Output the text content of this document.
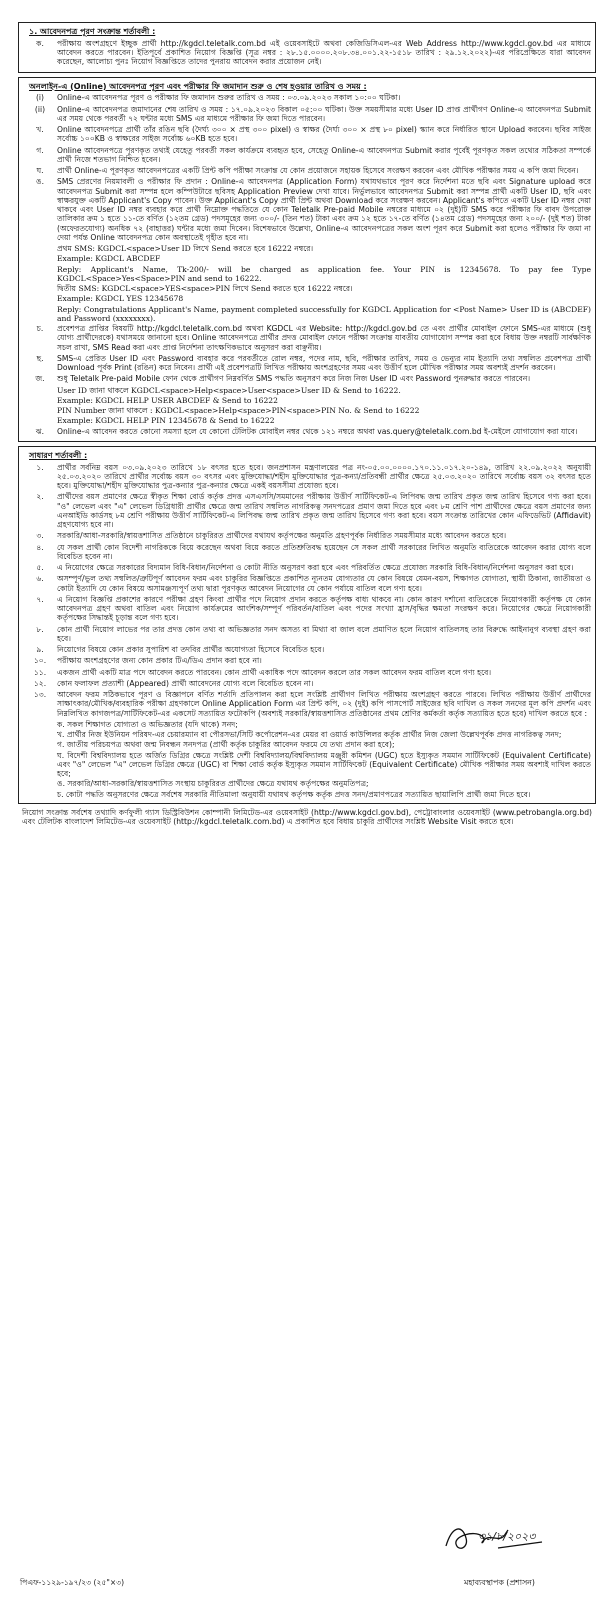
১. আবেদনপত্র পূরণ সংক্রান্ত শর্তাবলী :
ক.	পরীক্ষায় অংশগ্রহণে ইচ্ছুক প্রার্থী http://kgdcl.teletalk.com.bd এই ওয়েবসাইটে অথবা কেজিডিসিএল-এর Web Address http://www.kgdcl.gov.bd এর মাধ্যমে আবেদন করতে পারবেন। ইতিপূর্বে প্রকাশিত নিয়োগ বিজ্ঞপ্তি (সূত্র নম্বর : ২৮.১৫.০০০০.২০৮.৩৪.০০১.২২-১৫১৮ তারিখ : ২৯.১২.২০২২)-এর পরিপ্রেক্ষিতে যারা আবেদন করেছেন, আলোচ্য পুনঃ নিয়োগ বিজ্ঞপ্তিতে তাদের পুনরায় আবেদন করার প্রয়োজন নেই।
অনলাইন-এ (Online) আবেদনপত্র পূরণ এবং পরীক্ষার ফি জমাদান শুরু ও শেষ হওয়ার তারিখ ও সময় :
(i)	Online-এ আবেদনপত্র পূরণ ও পরীক্ষার ফি জমাদান শুরুর তারিখ ও সময় : ০৩.০৯.২০২৩ সকাল ১০:০০ ঘটিকা।
(ii)	Online-এ আবেদনপত্র জমাদানের শেষ তারিখ ও সময় : ১৭.০৯.২০২৩ বিকাল ০৫:০০ ঘটিকা। উক্ত সময়সীমার মধ্যে User ID প্রাপ্ত প্রার্থীগণ Online-এ আবেদনপত্র Submit এর সময় থেকে পরবর্তী ৭২ ঘন্টার মধ্যে SMS এর মাধ্যমে পরীক্ষার ফি জমা দিতে পারবেন।
খ.	Online আবেদনপত্রে প্রার্থী তাঁর রঙিন ছবি (দৈর্ঘ্য ৩০০ × প্রস্থ ৩০০ pixel) ও স্বাক্ষর (দৈর্ঘ্য ৩০০ × প্রস্থ ৮০ pixel) স্ক্যান করে নির্ধারিত স্থানে Upload করবেন। ছবির সাইজ সর্বোচ্চ ১০০KB ও স্বাক্ষরের সাইজ সর্বোচ্চ ৬০KB হতে হবে।
গ.	Online আবেদনপত্রে পূরণকৃত তথ্যই যেহেতু পরবর্তী সকল কার্যক্রমে ব্যবহৃত হবে, সেহেতু Online-এ আবেদনপত্র Submit করার পূর্বেই পূরণকৃত সকল তথ্যের সঠিকতা সম্পর্কে প্রার্থী নিজে শতভাগ নিশ্চিত হবেন।
ঘ.	প্রার্থী Online-এ পূরণকৃত আবেদনপত্রের একটি প্রিন্ট কপি পরীক্ষা সংক্রান্ত যে কোন প্রয়োজনে সহায়ক হিসেবে সংরক্ষণ করবেন এবং মৌখিক পরীক্ষার সময় এ কপি জমা দিবেন।
ঙ.	SMS প্রেরণের নিয়মাবলী ও পরীক্ষার ফি প্রদান : Online-এ আবেদনপত্র (Application Form) যথাযথভাবে পূরণ করে নির্দেশনা মতে ছবি এবং Signature upload করে আবেদনপত্র Submit করা সম্পন্ন হলে কম্পিউটারে ছবিসহ Application Preview দেখা যাবে। নির্ভুলভাবে আবেদনপত্র Submit করা সম্পন্ন প্রার্থী একটি User ID, ছবি এবং স্বাক্ষরযুক্ত একটি Applicant's Copy পাবেন। উক্ত Applicant's Copy প্রার্থী প্রিন্ট অথবা Download করে সংরক্ষণ করবেন। Applicant's কপিতে একটি User ID নম্বর দেয়া থাকবে এবং User ID নম্বর ব্যবহার করে প্রার্থী নিম্নোক্ত পদ্ধতিতে যে কোন Teletalk Pre-paid Mobile নম্বরের মাধ্যমে ০২ (দুই)টি SMS করে পরীক্ষার ফি বাবদ উপরোক্ত তালিকার ক্রম ১ হতে ১১-তে বর্ণিত (১২তম গ্রেড) পদসমূহের জন্য ৩০০/- (তিন শত) টাকা এবং ক্রম ১২ হতে ১৭-তে বর্ণিত (১৪তম গ্রেড) পদসমূহের জন্য ২০০/- (দুই শত) টাকা (অফেরতযোগ্য) অনধিক ৭২ (বাহাত্তর) ঘন্টার মধ্যে জমা দিবেন। বিশেষভাবে উল্লেখ্য, Online-এ আবেদনপত্রের সকল অংশ পূরণ করে Submit করা হলেও পরীক্ষার ফি জমা না দেয়া পর্যন্ত Online আবেদনপত্র কোন অবস্থাতেই গৃহীত হবে না।
প্রথম SMS: KGDCL<space>User ID লিখে Send করতে হবে 16222 নম্বরে।
Example: KGDCL ABCDEF
Reply: Applicant's Name, Tk-200/- will be charged as application fee. Your PIN is 12345678. To pay fee Type KGDCL<Space>Yes<Space>PIN and send to 16222.
দ্বিতীয় SMS: KGDCL<space>YES<space>PIN লিখে Send করতে হবে 16222 নম্বরে।
Example: KGDCL YES 12345678
Reply: Congratulations Applicant's Name, payment completed successfully for KGDCL Application for <Post Name> User ID is (ABCDEF) and Password (xxxxxxxx).
চ.	প্রবেশপত্র প্রাপ্তির বিষয়টি http://kgdcl.teletalk.com.bd অথবা KGDCL এর Website: http://kgdcl.gov.bd তে এবং প্রার্থীর মোবাইল ফোনে SMS-এর মাধ্যমে (শুধু যোগ্য প্রার্থীদেরকে) যথাসময়ে জানানো হবে। Online আবেদনপত্রে প্রার্থীর প্রদত্ত মোবাইল ফোনে পরীক্ষা সংক্রান্ত যাবতীয় যোগাযোগ সম্পন্ন করা হবে বিধায় উক্ত নম্বরটি সার্বক্ষণিক সচল রাখা, SMS Read করা এবং প্রাপ্ত নির্দেশনা তাৎক্ষণিকভাবে অনুসরণ করা বাঞ্ছনীয়।
ছ.	SMS-এ প্রেরিত User ID এবং Password ব্যবহার করে পরবর্তীতে রোল নম্বর, পদের নাম, ছবি, পরীক্ষার তারিখ, সময় ও ভেন্যুর নাম ইত্যাদি তথ্য সম্বলিত প্রবেশপত্র প্রার্থী Download পূর্বক Print (রঙিন) করে নিবেন। প্রার্থী এই প্রবেশপত্রটি লিখিত পরীক্ষায় অংশগ্রহণের সময় এবং উত্তীর্ণ হলে মৌখিক পরীক্ষার সময় অবশ্যই প্রদর্শন করবেন।
জ.	শুধু Teletalk Pre-paid Mobile ফোন থেকে প্রার্থীগণ নিম্নবর্ণিত SMS পদ্ধতি অনুসরণ করে নিজ নিজ User ID এবং Password পুনরুদ্ধার করতে পারবেন।
User ID জানা থাকলে KGDCL<space>Help<space>User<space>User ID & Send to 16222.
Example: KGDCL HELP USER ABCDEF & Send to 16222
PIN Number জানা থাকলে : KGDCL<space>Help<space>PIN<space>PIN No. & Send to 16222
Example: KGDCL HELP PIN 12345678 & Send to 16222
ঝ.	Online-এ আবেদন করতে কোনো সমস্যা হলে যে কোনো টেলিটক মোবাইল নম্বর থেকে ১২১ নম্বরে অথবা vas.query@teletalk.com.bd ই-মেইলে যোগাযোগ করা যাবে।
সাধারণ শর্তাবলী :
১.	প্রার্থীর সর্বনিম্ন বয়স ০৩.০৯.২০২৩ তারিখে ১৮ বৎসর হতে হবে। জনপ্রশাসন মন্ত্রণালয়ের পত্র নং-০৫.০০.০০০০.১৭০.১১.০১৭.২০-১৪৯, তারিখ ২২.০৯.২০২২ অনুযায়ী ২৫.০৩.২০২০ তারিখে প্রার্থীর সর্বোচ্চ বয়স ৩০ বৎসর এবং মুক্তিযোদ্ধা/শহীদ মুক্তিযোদ্ধার পুত্র-কন্যা/প্রতিবন্ধী প্রার্থীর ক্ষেত্রে ২৫.০৩.২০২০ তারিখে সর্বোচ্চ বয়স ৩২ বৎসর হতে হবে। মুক্তিযোদ্ধা/শহীদ মুক্তিযোদ্ধার পুত্র-কন্যার পুত্র-কন্যার ক্ষেত্রে একই বয়সসীমা প্রযোজ্য হবে।
২.	প্রার্থীদের বয়স প্রমাণের ক্ষেত্রে স্বীকৃত শিক্ষা বোর্ড কর্তৃক প্রদত্ত এসএসসি/সমমানের পরীক্ষায় উত্তীর্ণ সার্টিফিকেট-এ লিপিবদ্ধ জন্ম তারিখ প্রকৃত জন্ম তারিখ হিসেবে গণ্য করা হবে। "ও" লেভেল এবং "এ" লেভেল ডিগ্রিধারী প্রার্থীর ক্ষেত্রে জন্ম তারিখ সম্বলিত নাগরিকত্ব সনদপত্রের প্রমাণ জমা দিতে হবে এবং ৮ম শ্রেণি পাশ প্রার্থীদের ক্ষেত্রে বয়স প্রমাণের জন্য এনআইডি কার্ডসহ ৮ম শ্রেণি পরীক্ষায় উত্তীর্ণ সার্টিফিকেট-এ লিপিবদ্ধ জন্ম তারিখ প্রকৃত জন্ম তারিখ হিসেবে গণ্য করা হবে। বয়স সংক্রান্ত তারিখের কোন এফিডেভিট (Affidavit) গ্রহণযোগ্য হবে না।
৩.	সরকারি/আধা-সরকারি/স্বায়ত্তশাসিত প্রতিষ্ঠানে চাকুরিরত প্রার্থীদের যথাযথ কর্তৃপক্ষের অনুমতি গ্রহণপূর্বক নির্ধারিত সময়সীমার মধ্যে আবেদন করতে হবে।
৪.	যে সকল প্রার্থী কোন বিদেশী নাগরিককে বিয়ে করেছেন অথবা বিয়ে করতে প্রতিশ্রুতিবদ্ধ হয়েছেন সে সকল প্রার্থী সরকারের লিখিত অনুমতি ব্যতিরেকে আবেদন করার যোগ্য বলে বিবেচিত হবেন না।
৫.	এ নিয়োগের ক্ষেত্রে সরকারের বিদ্যমান বিধি-বিধান/নির্দেশনা ও কোটা নীতি অনুসরণ করা হবে এবং পরিবর্তিত ক্ষেত্রে প্রযোজ্য সরকারি বিধি-বিধান/নির্দেশনা অনুসরণ করা হবে।
৬.	অসম্পূর্ণ/ভুল তথ্য সম্বলিত/ত্রুটিপূর্ণ আবেদন ফরম এবং চাকুরির বিজ্ঞপ্তিতে প্রকাশিত ন্যূনতম যোগ্যতার যে কোন বিষয়ে যেমন-বয়স, শিক্ষাগত যোগ্যতা, স্থায়ী ঠিকানা, জাতীয়তা ও কোটা ইত্যাদি যে কোন বিষয়ে অসামঞ্জস্যপূর্ণ তথ্য দ্বারা পূরণকৃত আবেদন নিয়োগের যে কোন পর্যায়ে বাতিল বলে গণ্য হবে।
৭.	এ নিয়োগ বিজ্ঞপ্তি প্রকাশের কারণে পরীক্ষা গ্রহণ কিংবা প্রার্থীর পদে নিয়োগ প্রদান করতে কর্তৃপক্ষ বাধ্য থাকবে না। কোন কারণ দর্শানো ব্যতিরেকে নিয়োগকারী কর্তৃপক্ষ যে কোন আবেদনপত্র গ্রহণ অথবা বাতিল এবং নিয়োগ কার্যক্রমের আংশিক/সম্পূর্ণ পরিবর্তন/বাতিল এবং পদের সংখ্যা হ্রাস/বৃদ্ধির ক্ষমতা সংরক্ষণ করে। নিয়োগের ক্ষেত্রে নিয়োগকারী কর্তৃপক্ষের সিদ্ধান্তই চূড়ান্ত বলে গণ্য হবে।
৮.	কোন প্রার্থী নিয়োগ লাভের পর তার প্রদত্ত কোন তথ্য বা অভিজ্ঞতার সনদ অসত্য বা মিথ্যা বা জাল বলে প্রমাণিত হলে নিয়োগ বাতিলসহ তার বিরুদ্ধে আইনানুগ ব্যবস্থা গ্রহণ করা হবে।
৯.	নিয়োগের বিষয়ে কোন প্রকার সুপারিশ বা তদবির প্রার্থীর অযোগ্যতা হিসেবে বিবেচিত হবে।
১০.	পরীক্ষায় অংশগ্রহণের জন্য কোন প্রকার টিএ/ডিএ প্রদান করা হবে না।
১১.	একজন প্রার্থী একটি মাত্র পদে আবেদন করতে পারবেন। কোন প্রার্থী একাধিক পদে আবেদন করলে তার সকল আবেদন ফরম বাতিল বলে গণ্য হবে।
১২.	কোন ফলাফল প্রত্যাশী (Appeared) প্রার্থী আবেদনের যোগ্য বলে বিবেচিত হবেন না।
১৩.	আবেদন ফরম সঠিকভাবে পূরণ ও বিজ্ঞাপনে বর্ণিত শর্তাদি প্রতিপালন করা হলে সংশ্লিষ্ট প্রার্থীগণ লিখিত পরীক্ষায় অংশগ্রহণ করতে পারবে। লিখিত পরীক্ষায় উত্তীর্ণ প্রার্থীদের সাক্ষাৎকার/মৌখিক/ব্যবহারিক পরীক্ষা গ্রহণকালে Online Application Form এর প্রিন্ট কপি, ০২ (দুই) কপি পাসপোর্ট সাইজের ছবি দাখিল ও সকল সনদের মূল কপি প্রদর্শন এবং নিম্নলিখিত কাগজপত্র/সার্টিফিকেট-এর একসেট সত্যায়িত ফটোকপি (অবশ্যই সরকারি/স্বায়ত্তশাসিত প্রতিষ্ঠানের প্রথম শ্রেণির কর্মকর্তা কর্তৃক সত্যায়িত হতে হবে) দাখিল করতে হবে :
ক. সকল শিক্ষাগত যোগ্যতা ও অভিজ্ঞতার (যদি থাকে) সনদ;
খ. প্রার্থীর নিজ ইউনিয়ন পরিষদ-এর চেয়ারম্যান বা পৌরসভা/সিটি কর্পোরেশন-এর মেয়র বা ওয়ার্ড কাউন্সিলর কর্তৃক প্রার্থীর নিজ জেলা উল্লেখপূর্বক প্রদত্ত নাগরিকত্ব সনদ;
গ. জাতীয় পরিচয়পত্র অথবা জন্ম নিবন্ধন সনদপত্র (প্রার্থী কর্তৃক চাকুরির আবেদন ফরমে যে তথ্য প্রদান করা হবে);
ঘ. বিদেশী বিশ্ববিদ্যালয় হতে অর্জিত ডিগ্রির ক্ষেত্রে সংশ্লিষ্ট দেশী বিশ্ববিদ্যালয়/বিশ্ববিদ্যালয় মঞ্জুরী কমিশন (UGC) হতে ইস্যুকৃত সমমান সার্টিফিকেট (Equivalent Certificate) এবং "ও" লেভেল "এ" লেভেল ডিগ্রির ক্ষেত্রে (UGC) বা শিক্ষা বোর্ড কর্তৃক ইস্যুকৃত সমমান সার্টিফিকেট (Equivalent Certificate) মৌখিক পরীক্ষার সময় অবশ্যই দাখিল করতে হবে;
ঙ. সরকারি/আধা-সরকারি/স্বায়ত্তশাসিত সংস্থায় চাকুরিরত প্রার্থীদের ক্ষেত্রে যথাযথ কর্তৃপক্ষের অনুমতিপত্র;
চ. কোটা পদ্ধতি অনুসরণের ক্ষেত্রে সর্বশেষ সরকারি নীতিমালা অনুযায়ী যথাযথ কর্তৃপক্ষ কর্তৃক প্রদত্ত সনদ/প্রমাণপত্রের সত্যায়িত ছায়ালিপি প্রার্থী জমা দিতে হবে।
নিয়োগ সংক্রান্ত সর্বশেষ তথ্যাদি কর্ণফুলী গ্যাস ডিস্ট্রিবিউশন কোম্পানী লিমিটেড-এর ওয়েবসাইট (http://www.kgdcl.gov.bd), পেট্রোবাংলার ওয়েবসাইট (www.petrobangla.org.bd) এবং টেলিটক বাংলাদেশ লিমিটেড-এর ওয়েবসাইট (http://kgdcl.teletalk.com.bd) এ প্রকাশিত হবে বিধায় চাকুরি প্রার্থীদের সংশ্লিষ্ট Website Visit করতে হবে।
৩১/৮/২০২৩
পিএফ-১১২৯-১৯৭/২৩ (২৫"×৩)	মহাব্যবস্থাপক (প্রশাসন)
